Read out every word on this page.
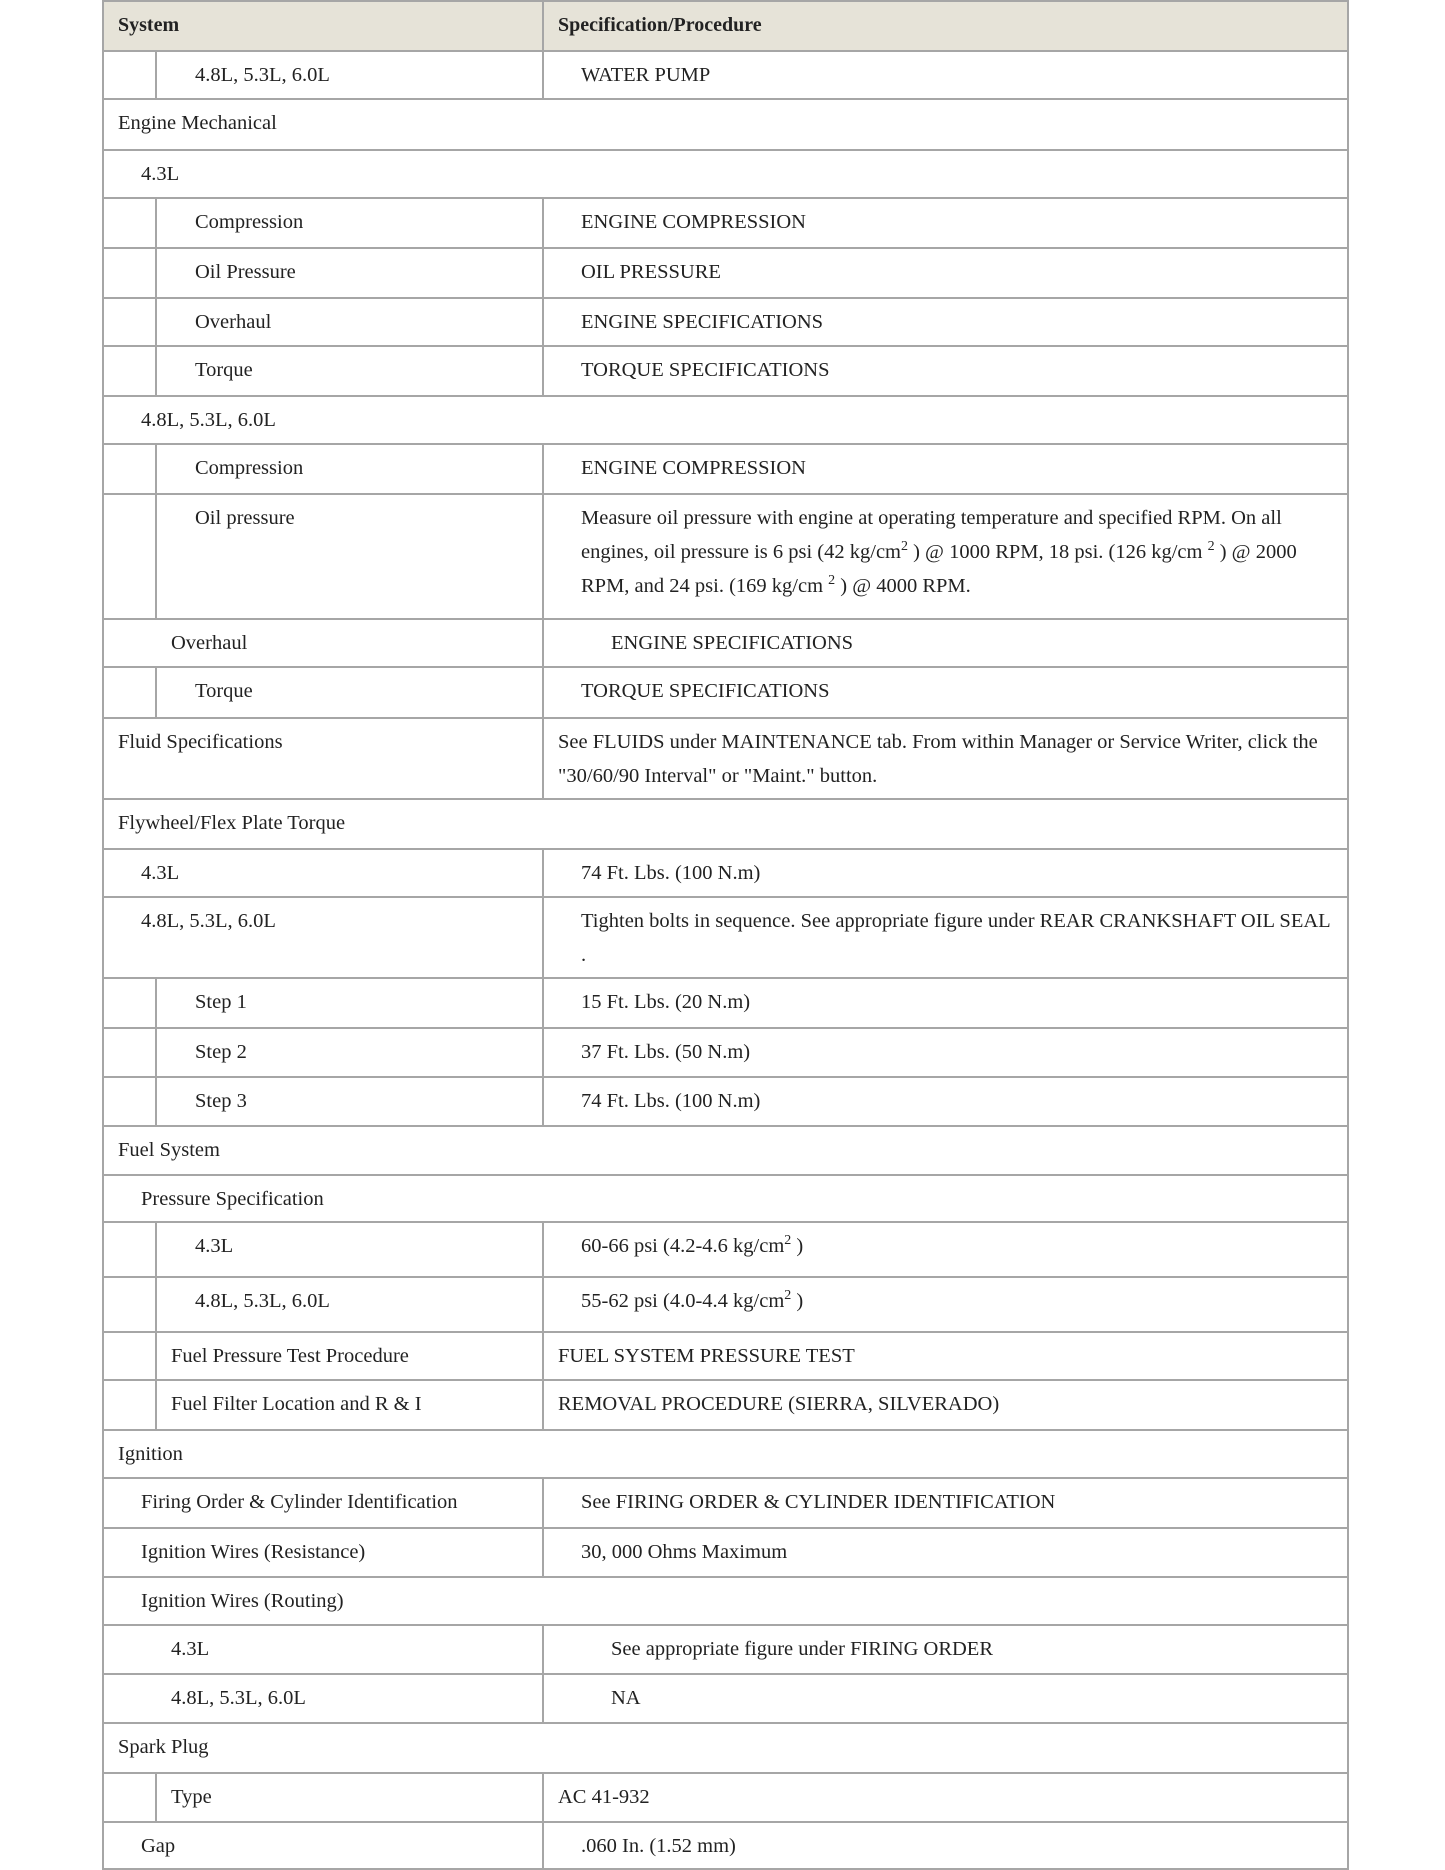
System	Specification/Procedure
4.8L, 5.3L, 6.0L	WATER PUMP
Engine Mechanical
4.3L
Compression	ENGINE COMPRESSION
Oil Pressure	OIL PRESSURE
Overhaul	ENGINE SPECIFICATIONS
Torque	TORQUE SPECIFICATIONS
4.8L, 5.3L, 6.0L
Compression	ENGINE COMPRESSION
Oil pressure	Measure oil pressure with engine at operating temperature and specified RPM. On all engines, oil pressure is 6 psi (42 $kg/cm^2$ ) @ 1000 RPM, 18 psi. (126 kg/cm $^2$ ) @ 2000 RPM, and 24 psi. (169 kg/cm $^2$ ) @ 4000 RPM.
Overhaul	ENGINE SPECIFICATIONS
Torque	TORQUE SPECIFICATIONS
Fluid Specifications	See FLUIDS under MAINTENANCE tab. From within Manager or Service Writer, click the "30/60/90 Interval" or "Maint." button.
Flywheel/Flex Plate Torque
4.3L	74 Ft. Lbs. (100 N.m)
4.8L, 5.3L, 6.0L	Tighten bolts in sequence. See appropriate figure under REAR CRANKSHAFT OIL SEAL .
Step 1	15 Ft. Lbs. (20 N.m)
Step 2	37 Ft. Lbs. (50 N.m)
Step 3	74 Ft. Lbs. (100 N.m)
Fuel System
Pressure Specification
4.3L	60-66 psi (4.2-4.6 $kg/cm^2$ )
4.8L, 5.3L, 6.0L	55-62 psi (4.0-4.4 $kg/cm^2$ )
Fuel Pressure Test Procedure	FUEL SYSTEM PRESSURE TEST
Fuel Filter Location and R & I	REMOVAL PROCEDURE (SIERRA, SILVERADO)
Ignition
Firing Order & Cylinder Identification	See FIRING ORDER & CYLINDER IDENTIFICATION
Ignition Wires (Resistance)	30, 000 Ohms Maximum
Ignition Wires (Routing)
4.3L	See appropriate figure under FIRING ORDER
4.8L, 5.3L, 6.0L	NA
Spark Plug
Type	AC 41-932
Gap	.060 In. (1.52 mm)
